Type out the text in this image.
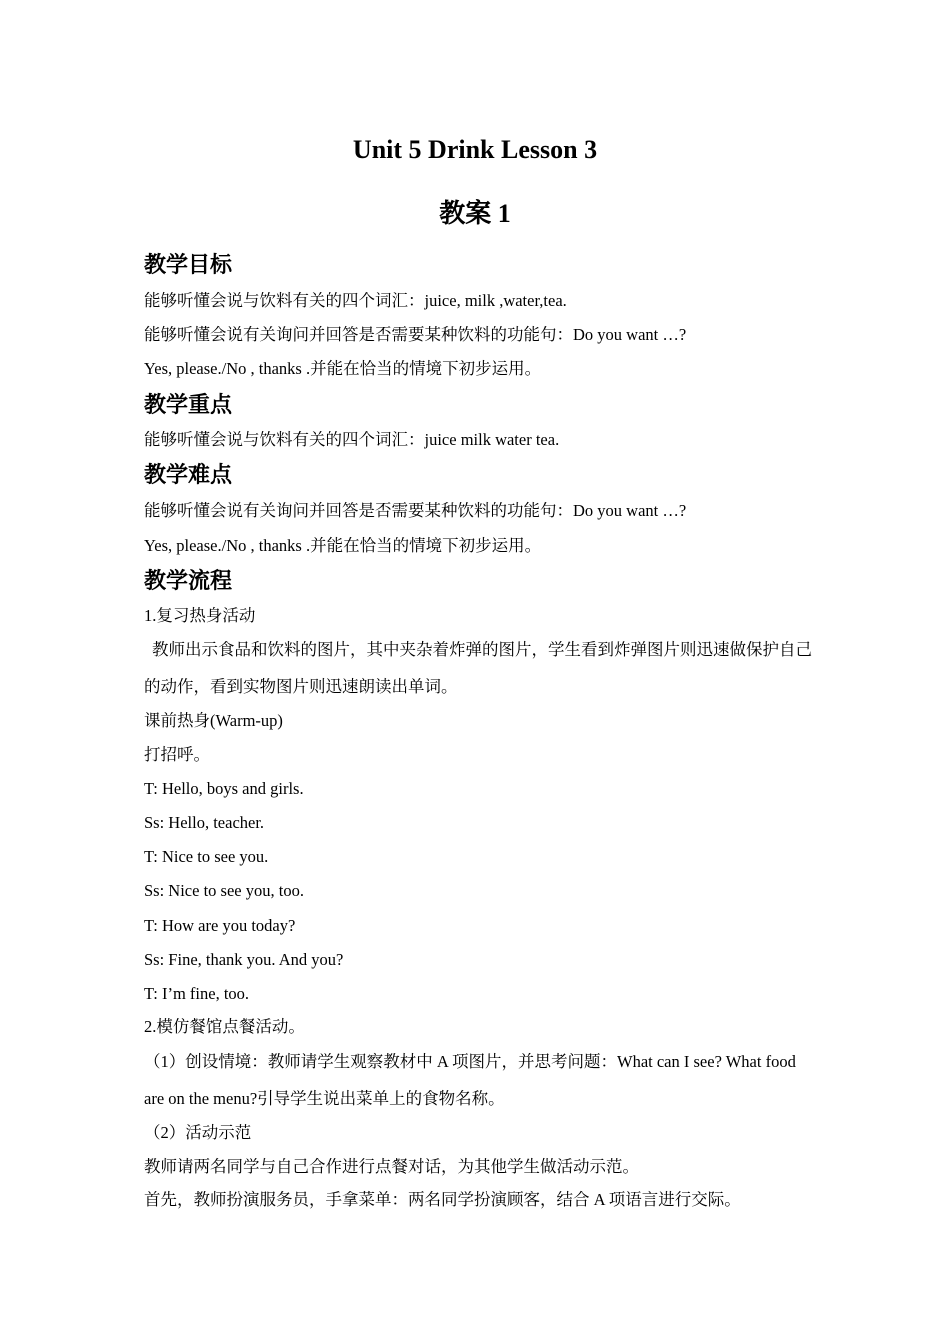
Unit 5 Drink Lesson 3
教案 1
教学目标

能够听懂会说与饮料有关的四个词汇：juice, milk ,water,tea.

能够听懂会说有关询问并回答是否需要某种饮料的功能句：Do you want …?

Yes, please./No , thanks .并能在恰当的情境下初步运用。

教学重点

能够听懂会说与饮料有关的四个词汇：juice milk water tea.

教学难点

能够听懂会说有关询问并回答是否需要某种饮料的功能句：Do you want …?

Yes, please./No , thanks .并能在恰当的情境下初步运用。

教学流程

1.复习热身活动

教师出示食品和饮料的图片，其中夹杂着炸弹的图片，学生看到炸弹图片则迅速做保护自己的动作，看到实物图片则迅速朗读出单词。

课前热身(Warm-up)

打招呼。

T: Hello, boys and girls.

Ss: Hello, teacher.

T: Nice to see you.

Ss: Nice to see you, too.

T: How are you today?

Ss: Fine, thank you. And you?

T: I’m fine, too.

2.模仿餐馆点餐活动。

（1）创设情境：教师请学生观察教材中 A 项图片，并思考问题：What can I see? What food are on the menu?引导学生说出菜单上的食物名称。

（2）活动示范

教师请两名同学与自己合作进行点餐对话，为其他学生做活动示范。

首先，教师扮演服务员，手拿菜单：两名同学扮演顾客，结合 A 项语言进行交际。
